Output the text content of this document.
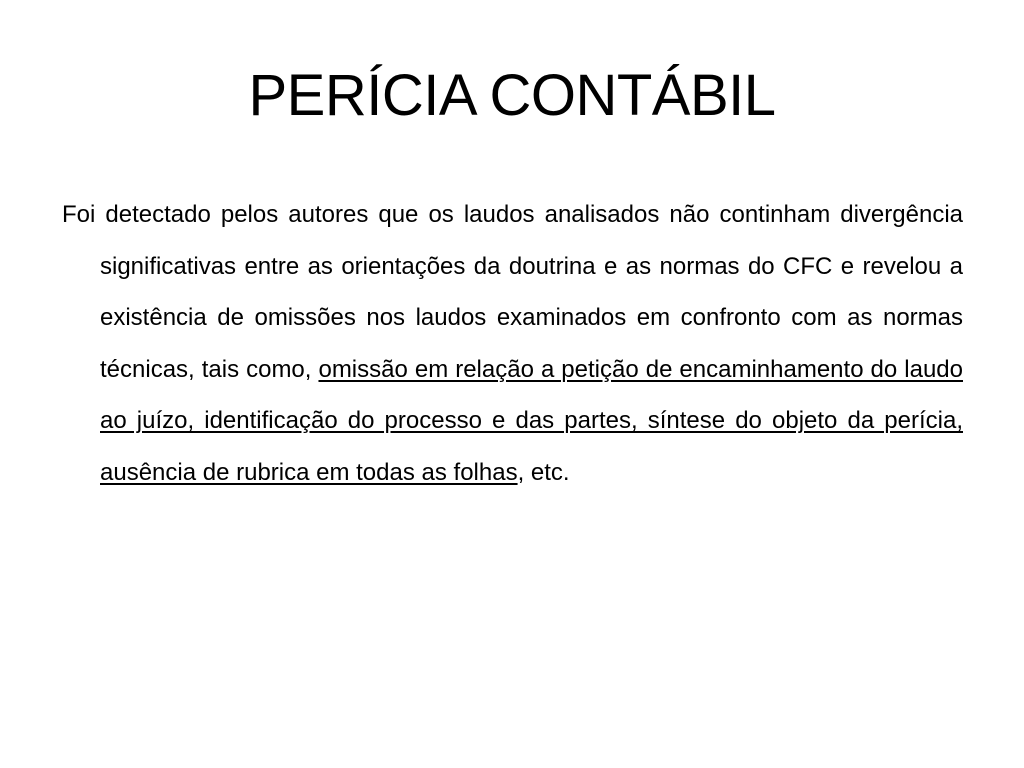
PERÍCIA CONTÁBIL

Foi detectado pelos autores que os laudos analisados não continham divergência significativas entre as orientações da doutrina e as normas do CFC e revelou a existência de omissões nos laudos examinados em confronto com as normas técnicas, tais como, omissão em relação a petição de encaminhamento do laudo ao juízo, identificação do processo e das partes, síntese do objeto da perícia, ausência de rubrica em todas as folhas, etc.
